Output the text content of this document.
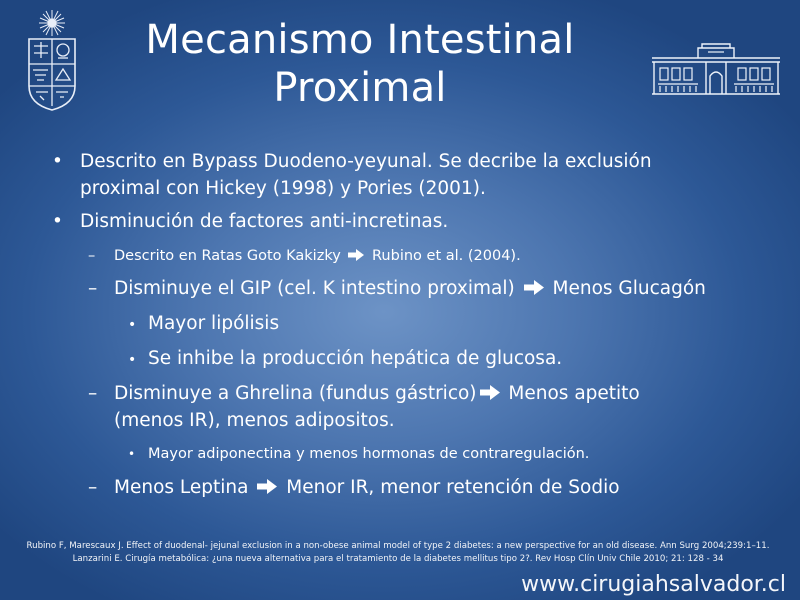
Mecanismo Intestinal
Proximal
• Descrito en Bypass Duodeno-yeyunal. Se decribe la exclusión proximal con Hickey (1998) y Pories (2001).
• Disminución de factores anti-incretinas.
– Descrito en Ratas Goto Kakizky Rubino et al. (2004).
– Disminuye el GIP (cel. K intestino proximal) Menos Glucagón
• Mayor lipólisis
• Se inhibe la producción hepática de glucosa.
– Disminuye a Ghrelina (fundus gástrico) Menos apetito (menos IR), menos adipositos.
• Mayor adiponectina y menos hormonas de contraregulación.
– Menos Leptina Menor IR, menor retención de Sodio
Rubino F, Marescaux J. Effect of duodenal- jejunal exclusion in a non-obese animal model of type 2 diabetes: a new perspective for an old disease. Ann Surg 2004;239:1–11.
Lanzarini E. Cirugía metabólica: ¿una nueva alternativa para el tratamiento de la diabetes mellitus tipo 2?. Rev Hosp Clín Univ Chile 2010; 21: 128 - 34
www.cirugiahsalvador.cl
